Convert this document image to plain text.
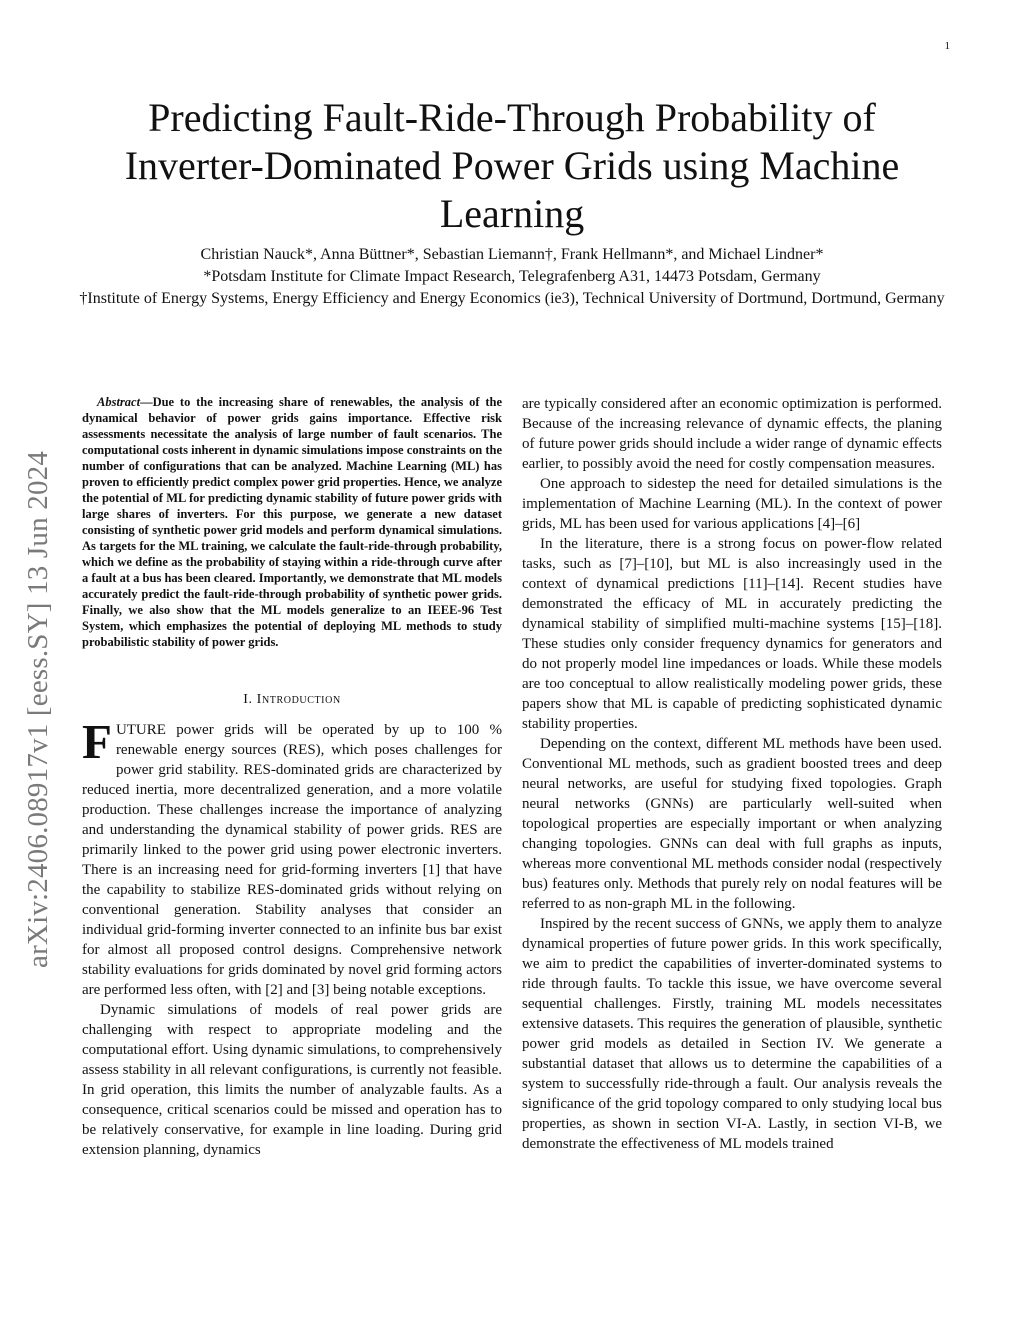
1
arXiv:2406.08917v1 [eess.SY] 13 Jun 2024
Predicting Fault-Ride-Through Probability of Inverter-Dominated Power Grids using Machine Learning
Christian Nauck*, Anna Büttner*, Sebastian Liemann†, Frank Hellmann*, and Michael Lindner*
*Potsdam Institute for Climate Impact Research, Telegrafenberg A31, 14473 Potsdam, Germany
†Institute of Energy Systems, Energy Efficiency and Energy Economics (ie3), Technical University of Dortmund, Dortmund, Germany

Abstract—Due to the increasing share of renewables, the analysis of the dynamical behavior of power grids gains importance. Effective risk assessments necessitate the analysis of large number of fault scenarios. The computational costs inherent in dynamic simulations impose constraints on the number of configurations that can be analyzed. Machine Learning (ML) has proven to efficiently predict complex power grid properties. Hence, we analyze the potential of ML for predicting dynamic stability of future power grids with large shares of inverters. For this purpose, we generate a new dataset consisting of synthetic power grid models and perform dynamical simulations. As targets for the ML training, we calculate the fault-ride-through probability, which we define as the probability of staying within a ride-through curve after a fault at a bus has been cleared. Importantly, we demonstrate that ML models accurately predict the fault-ride-through probability of synthetic power grids. Finally, we also show that the ML models generalize to an IEEE-96 Test System, which emphasizes the potential of deploying ML methods to study probabilistic stability of power grids.

I. Introduction

FUTURE power grids will be operated by up to 100 % renewable energy sources (RES), which poses challenges for power grid stability. RES-dominated grids are characterized by reduced inertia, more decentralized generation, and a more volatile production. These challenges increase the importance of analyzing and understanding the dynamical stability of power grids. RES are primarily linked to the power grid using power electronic inverters. There is an increasing need for grid-forming inverters [1] that have the capability to stabilize RES-dominated grids without relying on conventional generation. Stability analyses that consider an individual grid-forming inverter connected to an infinite bus bar exist for almost all proposed control designs. Comprehensive network stability evaluations for grids dominated by novel grid forming actors are performed less often, with [2] and [3] being notable exceptions.

Dynamic simulations of models of real power grids are challenging with respect to appropriate modeling and the computational effort. Using dynamic simulations, to comprehensively assess stability in all relevant configurations, is currently not feasible. In grid operation, this limits the number of analyzable faults. As a consequence, critical scenarios could be missed and operation has to be relatively conservative, for example in line loading. During grid extension planning, dynamics

are typically considered after an economic optimization is performed. Because of the increasing relevance of dynamic effects, the planing of future power grids should include a wider range of dynamic effects earlier, to possibly avoid the need for costly compensation measures.

One approach to sidestep the need for detailed simulations is the implementation of Machine Learning (ML). In the context of power grids, ML has been used for various applications [4]–[6]

In the literature, there is a strong focus on power-flow related tasks, such as [7]–[10], but ML is also increasingly used in the context of dynamical predictions [11]–[14]. Recent studies have demonstrated the efficacy of ML in accurately predicting the dynamical stability of simplified multi-machine systems [15]–[18]. These studies only consider frequency dynamics for generators and do not properly model line impedances or loads. While these models are too conceptual to allow realistically modeling power grids, these papers show that ML is capable of predicting sophisticated dynamic stability properties.

Depending on the context, different ML methods have been used. Conventional ML methods, such as gradient boosted trees and deep neural networks, are useful for studying fixed topologies. Graph neural networks (GNNs) are particularly well-suited when topological properties are especially important or when analyzing changing topologies. GNNs can deal with full graphs as inputs, whereas more conventional ML methods consider nodal (respectively bus) features only. Methods that purely rely on nodal features will be referred to as non-graph ML in the following.

Inspired by the recent success of GNNs, we apply them to analyze dynamical properties of future power grids. In this work specifically, we aim to predict the capabilities of inverter-dominated systems to ride through faults. To tackle this issue, we have overcome several sequential challenges. Firstly, training ML models necessitates extensive datasets. This requires the generation of plausible, synthetic power grid models as detailed in Section IV. We generate a substantial dataset that allows us to determine the capabilities of a system to successfully ride-through a fault. Our analysis reveals the significance of the grid topology compared to only studying local bus properties, as shown in section VI-A. Lastly, in section VI-B, we demonstrate the effectiveness of ML models trained
